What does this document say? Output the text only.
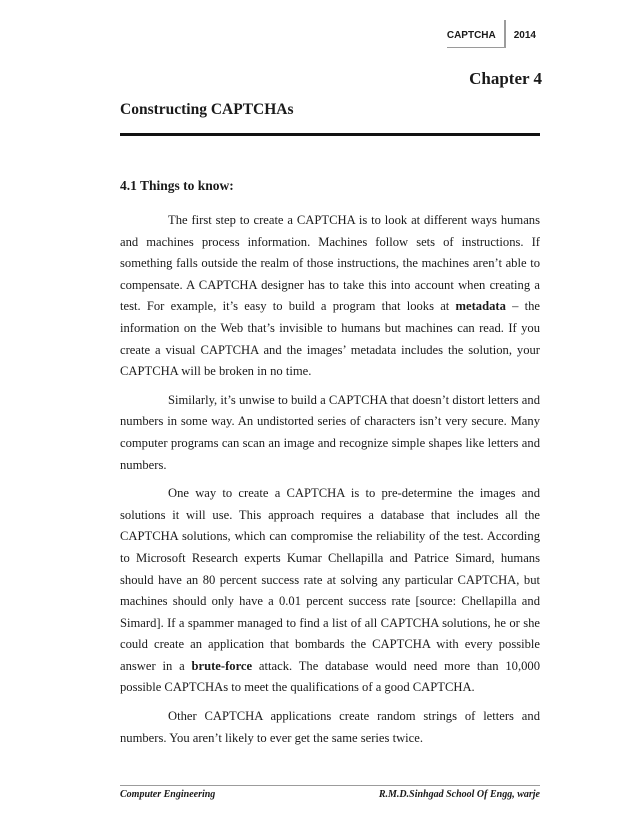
CAPTCHA	2014
Chapter 4
Constructing CAPTCHAs
4.1 Things to know:

The first step to create a CAPTCHA is to look at different ways humans and machines process information. Machines follow sets of instructions. If something falls outside the realm of those instructions, the machines aren’t able to compensate. A CAPTCHA designer has to take this into account when creating a test. For example, it’s easy to build a program that looks at metadata – the information on the Web that’s invisible to humans but machines can read. If you create a visual CAPTCHA and the images’ metadata includes the solution, your CAPTCHA will be broken in no time.

Similarly, it’s unwise to build a CAPTCHA that doesn’t distort letters and numbers in some way. An undistorted series of characters isn’t very secure. Many computer programs can scan an image and recognize simple shapes like letters and numbers.

One way to create a CAPTCHA is to pre-determine the images and solutions it will use. This approach requires a database that includes all the CAPTCHA solutions, which can compromise the reliability of the test. According to Microsoft Research experts Kumar Chellapilla and Patrice Simard, humans should have an 80 percent success rate at solving any particular CAPTCHA, but machines should only have a 0.01 percent success rate [source: Chellapilla and Simard]. If a spammer managed to find a list of all CAPTCHA solutions, he or she could create an application that bombards the CAPTCHA with every possible answer in a brute-force attack. The database would need more than 10,000 possible CAPTCHAs to meet the qualifications of a good CAPTCHA.

Other CAPTCHA applications create random strings of letters and numbers. You aren’t likely to ever get the same series twice.

Computer Engineering	R.M.D.Sinhgad School Of Engg, warje
